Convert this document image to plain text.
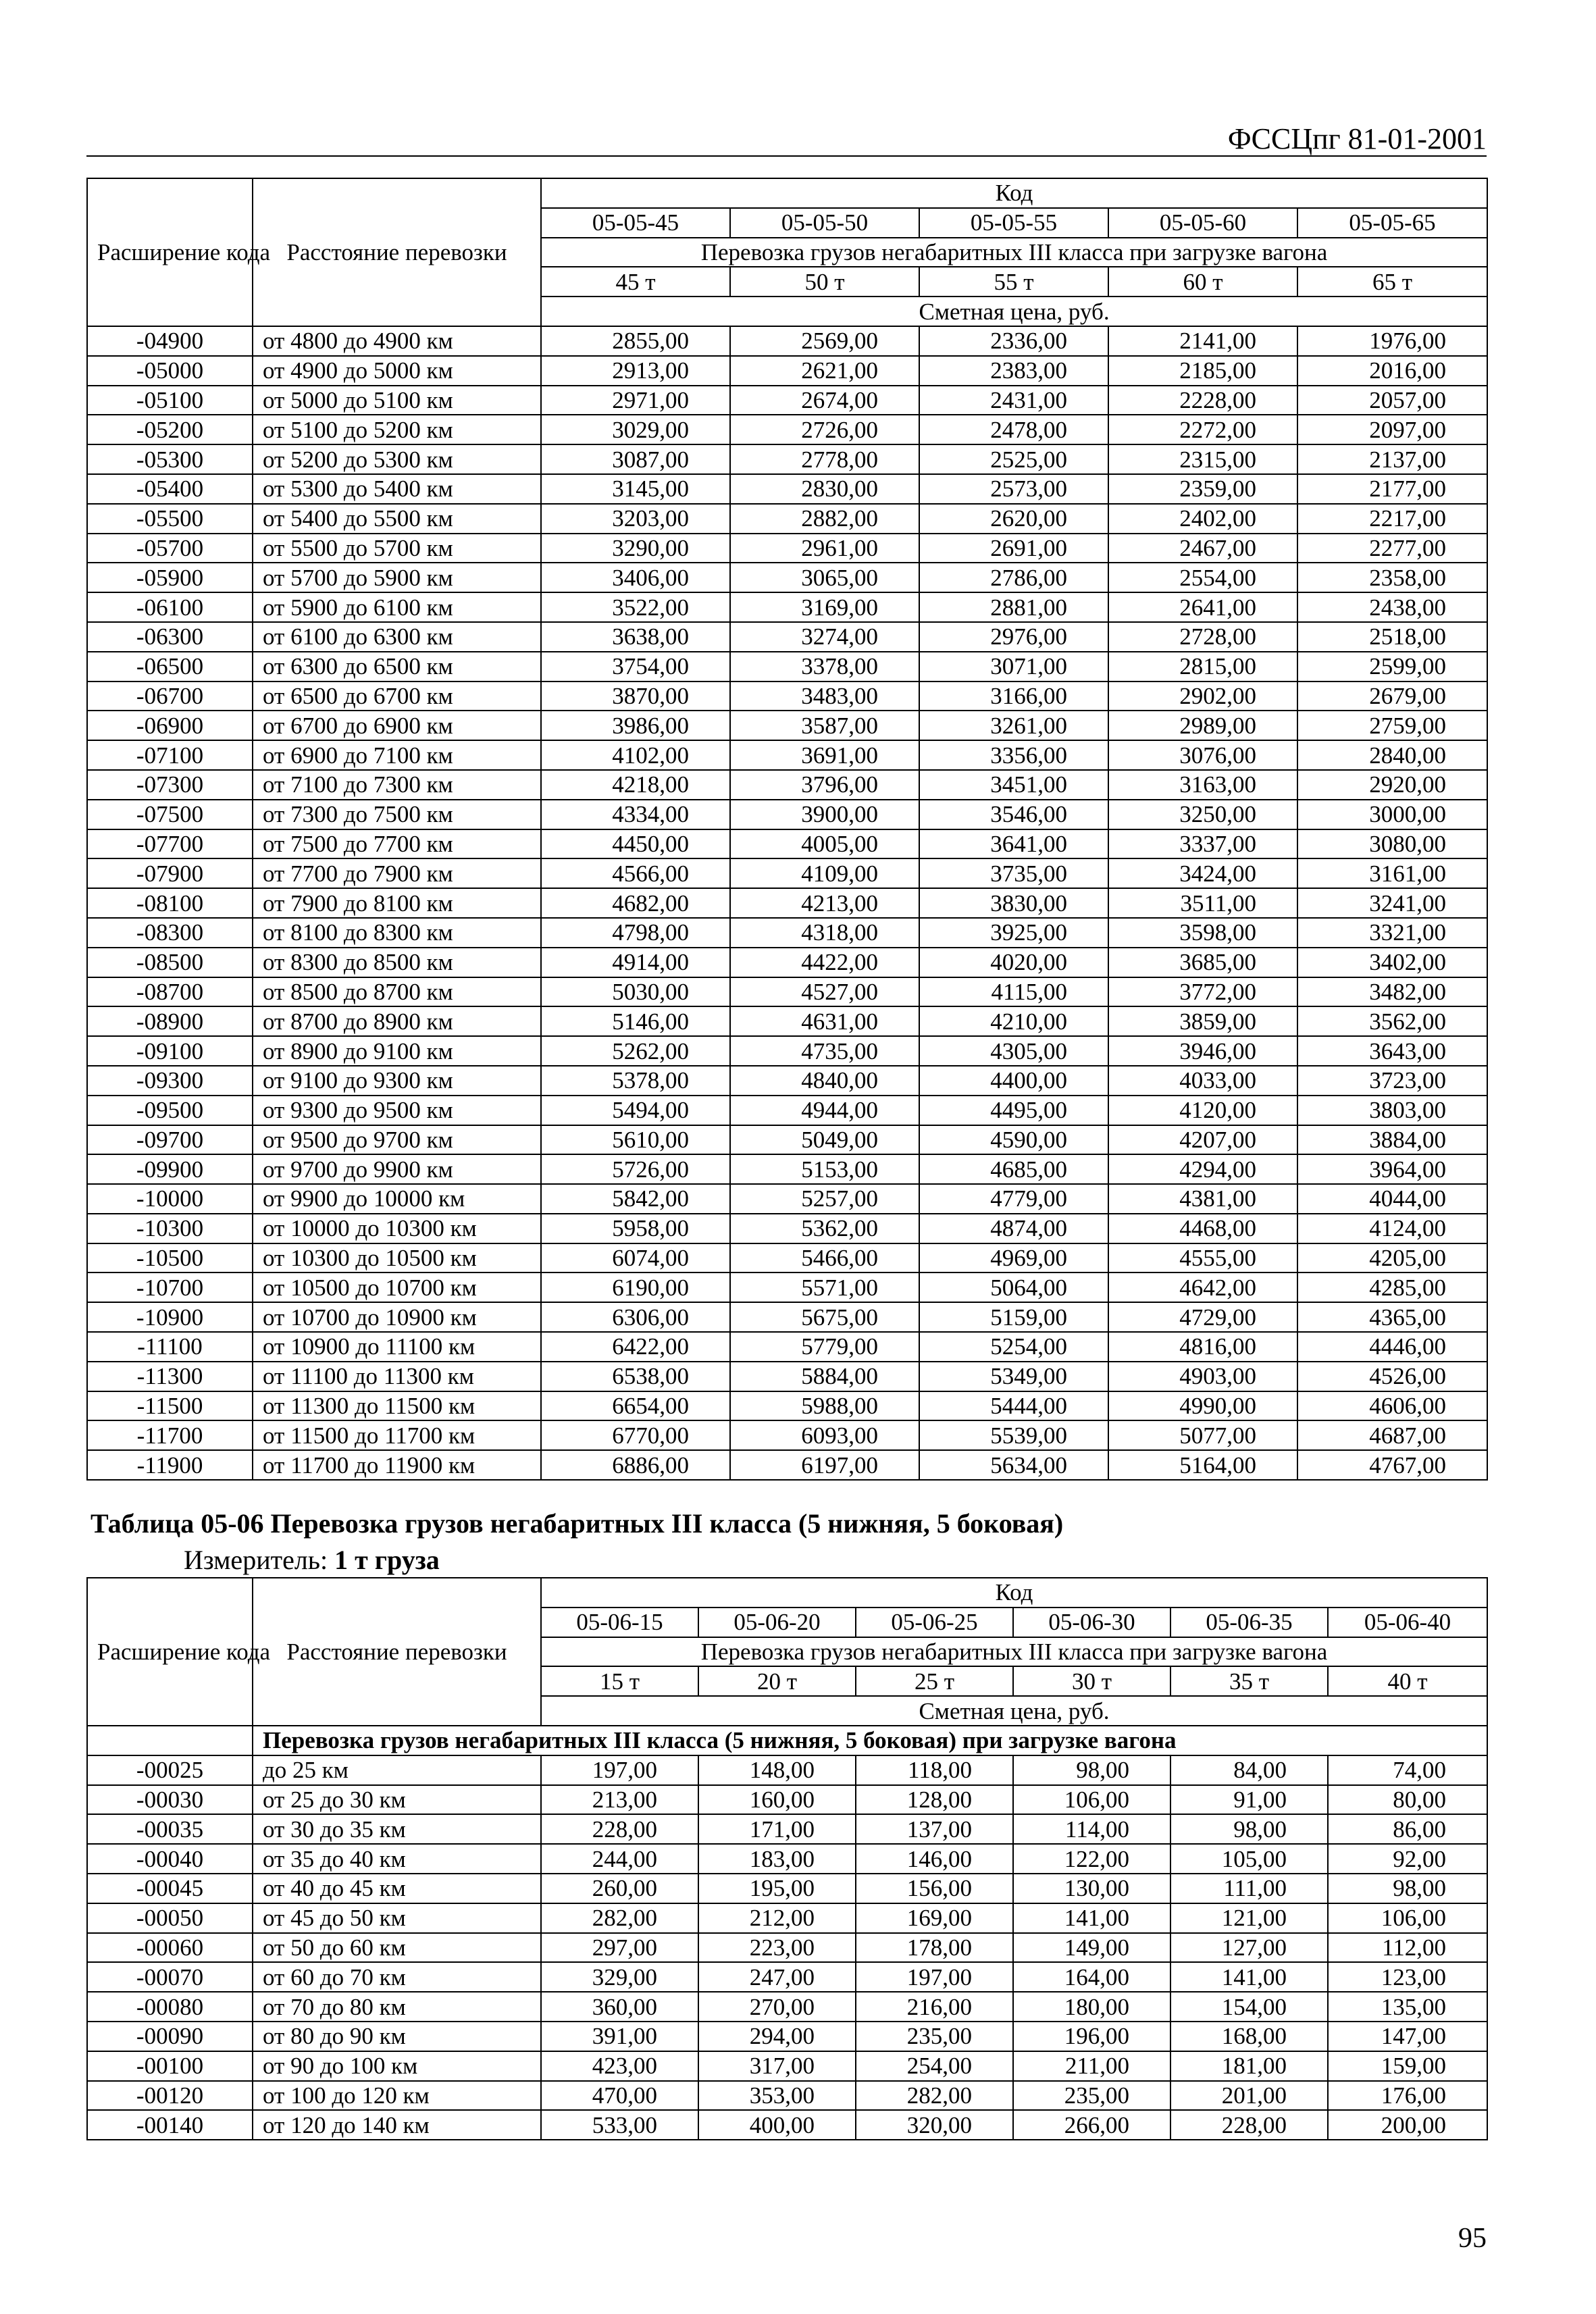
ФССЦпг 81-01-2001
Расширение кода	Расстояние перевозки	Код				
		05-05-45	05-05-50	05-05-55	05-05-60	05-05-65
		Перевозка грузов негабаритных III класса при загрузке вагона				
		45 т	50 т	55 т	60 т	65 т
		Сметная цена, руб.				
-04900	от 4800 до 4900 км	2855,00	2569,00	2336,00	2141,00	1976,00
-05000	от 4900 до 5000 км	2913,00	2621,00	2383,00	2185,00	2016,00
-05100	от 5000 до 5100 км	2971,00	2674,00	2431,00	2228,00	2057,00
-05200	от 5100 до 5200 км	3029,00	2726,00	2478,00	2272,00	2097,00
-05300	от 5200 до 5300 км	3087,00	2778,00	2525,00	2315,00	2137,00
-05400	от 5300 до 5400 км	3145,00	2830,00	2573,00	2359,00	2177,00
-05500	от 5400 до 5500 км	3203,00	2882,00	2620,00	2402,00	2217,00
-05700	от 5500 до 5700 км	3290,00	2961,00	2691,00	2467,00	2277,00
-05900	от 5700 до 5900 км	3406,00	3065,00	2786,00	2554,00	2358,00
-06100	от 5900 до 6100 км	3522,00	3169,00	2881,00	2641,00	2438,00
-06300	от 6100 до 6300 км	3638,00	3274,00	2976,00	2728,00	2518,00
-06500	от 6300 до 6500 км	3754,00	3378,00	3071,00	2815,00	2599,00
-06700	от 6500 до 6700 км	3870,00	3483,00	3166,00	2902,00	2679,00
-06900	от 6700 до 6900 км	3986,00	3587,00	3261,00	2989,00	2759,00
-07100	от 6900 до 7100 км	4102,00	3691,00	3356,00	3076,00	2840,00
-07300	от 7100 до 7300 км	4218,00	3796,00	3451,00	3163,00	2920,00
-07500	от 7300 до 7500 км	4334,00	3900,00	3546,00	3250,00	3000,00
-07700	от 7500 до 7700 км	4450,00	4005,00	3641,00	3337,00	3080,00
-07900	от 7700 до 7900 км	4566,00	4109,00	3735,00	3424,00	3161,00
-08100	от 7900 до 8100 км	4682,00	4213,00	3830,00	3511,00	3241,00
-08300	от 8100 до 8300 км	4798,00	4318,00	3925,00	3598,00	3321,00
-08500	от 8300 до 8500 км	4914,00	4422,00	4020,00	3685,00	3402,00
-08700	от 8500 до 8700 км	5030,00	4527,00	4115,00	3772,00	3482,00
-08900	от 8700 до 8900 км	5146,00	4631,00	4210,00	3859,00	3562,00
-09100	от 8900 до 9100 км	5262,00	4735,00	4305,00	3946,00	3643,00
-09300	от 9100 до 9300 км	5378,00	4840,00	4400,00	4033,00	3723,00
-09500	от 9300 до 9500 км	5494,00	4944,00	4495,00	4120,00	3803,00
-09700	от 9500 до 9700 км	5610,00	5049,00	4590,00	4207,00	3884,00
-09900	от 9700 до 9900 км	5726,00	5153,00	4685,00	4294,00	3964,00
-10000	от 9900 до 10000 км	5842,00	5257,00	4779,00	4381,00	4044,00
-10300	от 10000 до 10300 км	5958,00	5362,00	4874,00	4468,00	4124,00
-10500	от 10300 до 10500 км	6074,00	5466,00	4969,00	4555,00	4205,00
-10700	от 10500 до 10700 км	6190,00	5571,00	5064,00	4642,00	4285,00
-10900	от 10700 до 10900 км	6306,00	5675,00	5159,00	4729,00	4365,00
-11100	от 10900 до 11100 км	6422,00	5779,00	5254,00	4816,00	4446,00
-11300	от 11100 до 11300 км	6538,00	5884,00	5349,00	4903,00	4526,00
-11500	от 11300 до 11500 км	6654,00	5988,00	5444,00	4990,00	4606,00
-11700	от 11500 до 11700 км	6770,00	6093,00	5539,00	5077,00	4687,00
-11900	от 11700 до 11900 км	6886,00	6197,00	5634,00	5164,00	4767,00
Таблица 05-06 Перевозка грузов негабаритных III класса (5 нижняя, 5 боковая)
Измеритель: 1 т груза
Расширение кода	Расстояние перевозки	Код					
		05-06-15	05-06-20	05-06-25	05-06-30	05-06-35	05-06-40
		Перевозка грузов негабаритных III класса при загрузке вагона					
		15 т	20 т	25 т	30 т	35 т	40 т
		Сметная цена, руб.					
	Перевозка грузов негабаритных III класса (5 нижняя, 5 боковая) при загрузке вагона						
-00025	до 25 км	197,00	148,00	118,00	98,00	84,00	74,00
-00030	от 25 до 30 км	213,00	160,00	128,00	106,00	91,00	80,00
-00035	от 30 до 35 км	228,00	171,00	137,00	114,00	98,00	86,00
-00040	от 35 до 40 км	244,00	183,00	146,00	122,00	105,00	92,00
-00045	от 40 до 45 км	260,00	195,00	156,00	130,00	111,00	98,00
-00050	от 45 до 50 км	282,00	212,00	169,00	141,00	121,00	106,00
-00060	от 50 до 60 км	297,00	223,00	178,00	149,00	127,00	112,00
-00070	от 60 до 70 км	329,00	247,00	197,00	164,00	141,00	123,00
-00080	от 70 до 80 км	360,00	270,00	216,00	180,00	154,00	135,00
-00090	от 80 до 90 км	391,00	294,00	235,00	196,00	168,00	147,00
-00100	от 90 до 100 км	423,00	317,00	254,00	211,00	181,00	159,00
-00120	от 100 до 120 км	470,00	353,00	282,00	235,00	201,00	176,00
-00140	от 120 до 140 км	533,00	400,00	320,00	266,00	228,00	200,00
95
